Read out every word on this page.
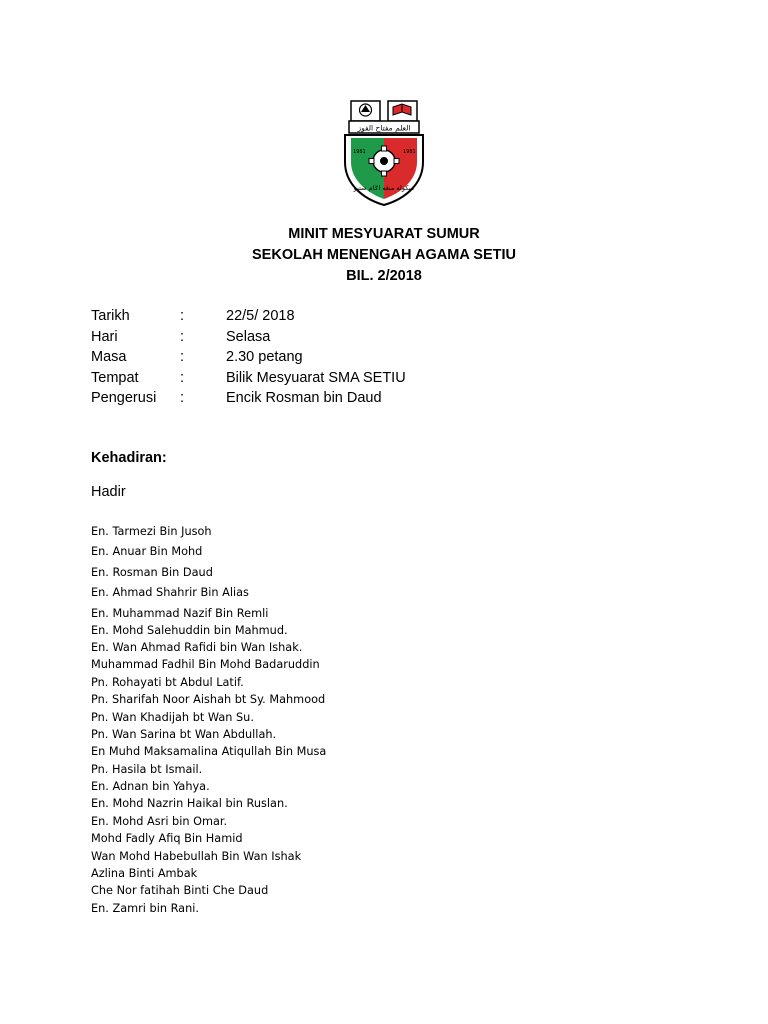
العلم مفتاح الفوز
1981	1981
سکوله منڠه اݢام ستيو
MINIT MESYUARAT SUMUR
SEKOLAH MENENGAH AGAMA SETIU
BIL. 2/2018
Tarikh	:	22/5/ 2018
Hari	:	Selasa
Masa	:	2.30 petang
Tempat	:	Bilik Mesyuarat SMA SETIU
Pengerusi :	Encik Rosman bin Daud
Kehadiran:
Hadir
En. Tarmezi Bin Jusoh
En. Anuar Bin Mohd
En. Rosman Bin Daud
En. Ahmad Shahrir Bin Alias
En. Muhammad Nazif Bin Remli
En. Mohd Salehuddin bin Mahmud.
En. Wan Ahmad Rafidi bin Wan Ishak.
Muhammad Fadhil Bin Mohd Badaruddin
Pn. Rohayati bt Abdul Latif.
Pn. Sharifah Noor Aishah bt Sy. Mahmood
Pn. Wan Khadijah bt Wan Su.
Pn. Wan Sarina bt Wan Abdullah.
En Muhd Maksamalina Atiqullah Bin Musa
Pn. Hasila bt Ismail.
En. Adnan bin Yahya.
En. Mohd Nazrin Haikal bin Ruslan.
En. Mohd Asri bin Omar.
Mohd Fadly Afiq Bin Hamid
Wan Mohd Habebullah Bin Wan Ishak
Azlina Binti Ambak
Che Nor fatihah Binti Che Daud
En. Zamri bin Rani.
